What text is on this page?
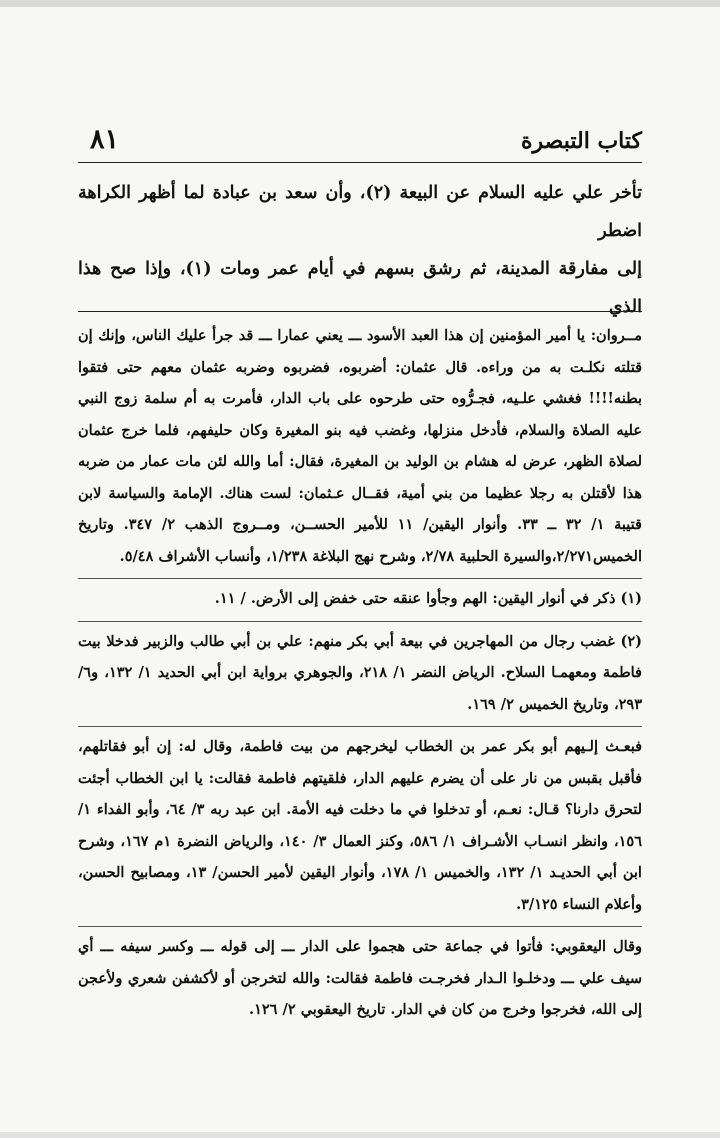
كتاب التبصرة
٨١

تأخر علي عليه السلام عن البيعة (٢)، وأن سعد بن عبادة لما أظهر الكراهة اضطر

إلى مفارقة المدينة، ثم رشق بسهم في أيام عمر ومات (١)، وإذا صح هذا الذي

مــروان: يا أمير المؤمنين إن هذا العبد الأسود ـــ يعني عمارا ـــ قد جرأ عليك الناس، وإنك إن قتلته نكلـت به من وراءه. قال عثمان: أضربوه، فضربوه وضربه عثمان معهم حتى فتقوا بطنه!!!! فغشي علـيه، فجـرُّوه حتى طرحوه على باب الدار، فأمرت به أم سلمة زوج النبي عليه الصلاة والسلام، فأدخل منزلها، وغضب فيه بنو المغيرة وكان حليفهم، فلما خرج عثمان لصلاة الظهر، عرض له هشام بن الوليد بن المغيرة، فقال: أما والله لئن مات عمار من ضربه هذا لأقتلن به رجلا عظيما من بني أمية، فقــال عـثمان: لست هناك. الإمامة والسياسة لابن قتيبة ١/ ٣٢ ــ ٣٣. وأنوار اليقين/ ١١ للأمير الحســن، ومــروج الذهب ٢/ ٣٤٧. وتاريخ الخميس٢/٢٧١،والسيرة الحلبية ٢/٧٨، وشرح نهج البلاغة ١/٢٣٨، وأنساب الأشراف ٥/٤٨.

(١) ذكر في أنوار اليقين: الهم وجأوا عنقه حتى خفض إلى الأرض. / ١١.

(٢) غضب رجال من المهاجرين في بيعة أبي بكر منهم: علي بن أبي طالب والزبير فدخلا بيت فاطمة ومعهمـا السلاح. الرياض النضر ١/ ٢١٨، والجوهري برواية ابن أبي الحديد ١/ ١٣٢، و٦/ ٢٩٣، وتاريخ الخميس ٢/ ١٦٩.

فبعـث إلـيهم أبو بكر عمر بن الخطاب ليخرجهم من بيت فاطمة، وقال له: إن أبو فقاتلهم، فأقبل بقبس من نار على أن يضرم عليهم الدار، فلقيتهم فاطمة فقالت: يا ابن الخطاب أجئت لتحرق دارنا؟ قـال: نعـم، أو تدخلوا في ما دخلت فيه الأمة. ابن عبد ربه ٣/ ٦٤، وأبو الفداء ١/ ١٥٦، وانظر انسـاب الأشـراف ١/ ٥٨٦، وكنز العمال ٣/ ١٤٠، والرياض النضرة ١م ١٦٧، وشرح ابن أبي الحديـد ١/ ١٣٢، والخميس ١/ ١٧٨، وأنوار اليقين لأمير الحسن/ ١٣، ومصابيح الحسن، وأعلام النساء ٣/١٢٥.

وقال اليعقوبي: فأتوا في جماعة حتى هجموا على الدار ـــ إلى قوله ـــ وكسر سيفه ـــ أي سيف علي ـــ ودخلـوا الـدار فخرجـت فاطمة فقالت: والله لتخرجن أو لأكشفن شعري ولأعجن إلى الله، فخرجوا وخرج من كان في الدار. تاريخ اليعقوبي ٢/ ١٢٦.
